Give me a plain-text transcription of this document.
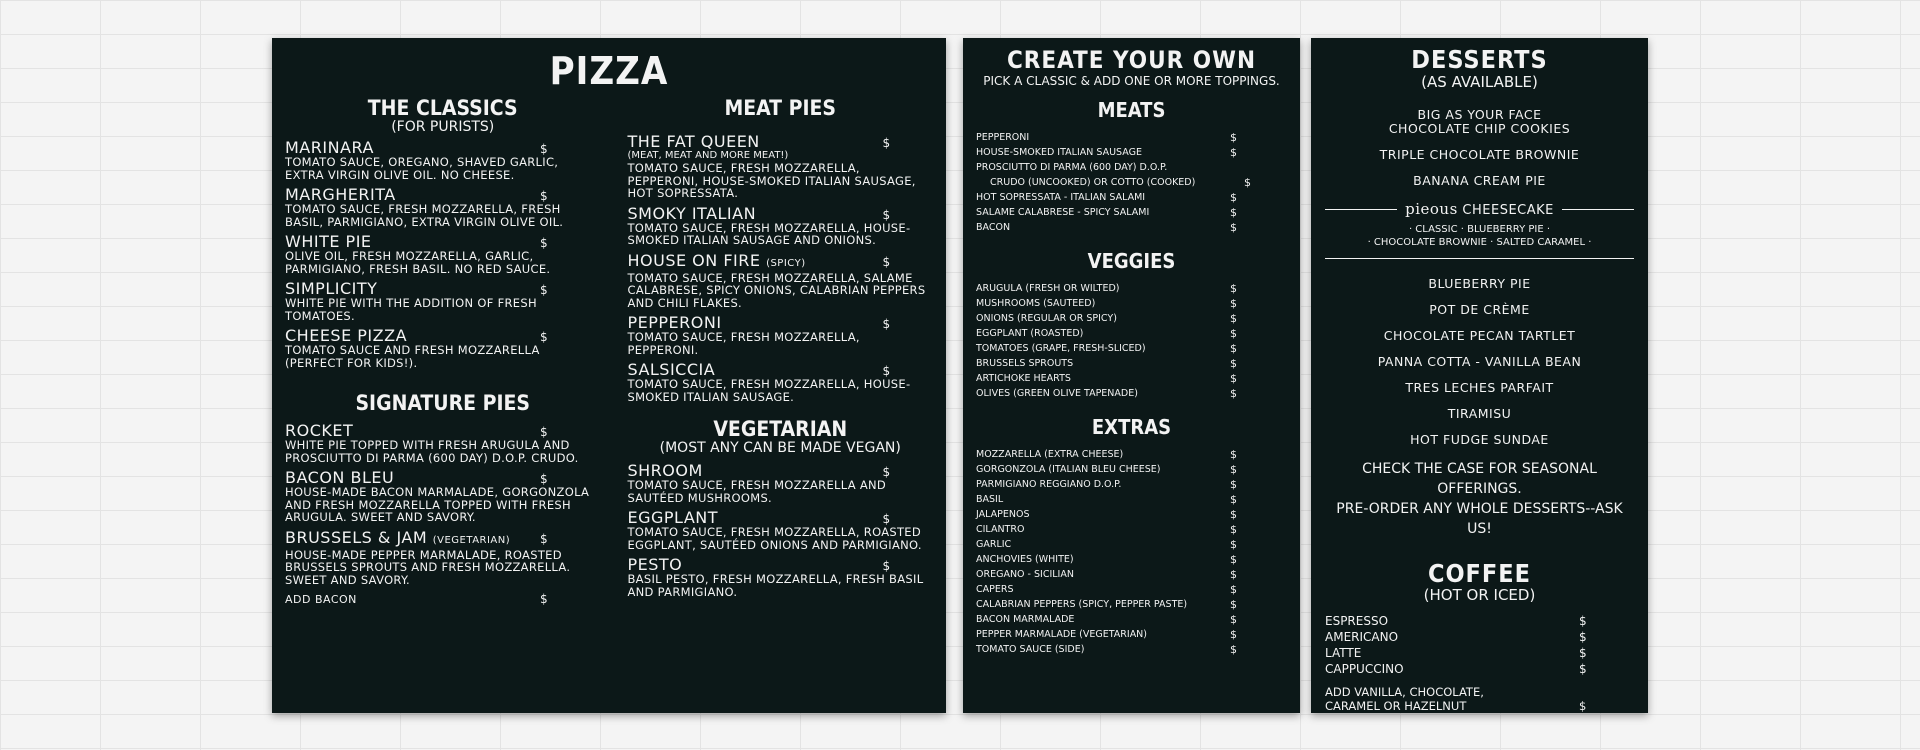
PIZZA
THE CLASSICS
(FOR PURISTS)
MARINARA	$
TOMATO SAUCE, OREGANO, SHAVED GARLIC, EXTRA VIRGIN OLIVE OIL. NO CHEESE.
MARGHERITA	$
TOMATO SAUCE, FRESH MOZZARELLA, FRESH BASIL, PARMIGIANO, EXTRA VIRGIN OLIVE OIL.
WHITE PIE	$
OLIVE OIL, FRESH MOZZARELLA, GARLIC, PARMIGIANO, FRESH BASIL. NO RED SAUCE.
SIMPLICITY	$
WHITE PIE WITH THE ADDITION OF FRESH TOMATOES.
CHEESE PIZZA	$
TOMATO SAUCE AND FRESH MOZZARELLA (PERFECT FOR KIDS!).
SIGNATURE PIES
ROCKET	$
WHITE PIE TOPPED WITH FRESH ARUGULA AND PROSCIUTTO DI PARMA (600 DAY) D.O.P. CRUDO.
BACON BLEU	$
HOUSE-MADE BACON MARMALADE, GORGONZOLA AND FRESH MOZZARELLA TOPPED WITH FRESH ARUGULA. SWEET AND SAVORY.
BRUSSELS & JAM (VEGETARIAN)	$
HOUSE-MADE PEPPER MARMALADE, ROASTED BRUSSELS SPROUTS AND FRESH MOZZARELLA. SWEET AND SAVORY.
ADD BACON	$
MEAT PIES
THE FAT QUEEN	$
(MEAT, MEAT AND MORE MEAT!)
TOMATO SAUCE, FRESH MOZZARELLA, PEPPERONI, HOUSE-SMOKED ITALIAN SAUSAGE, HOT SOPRESSATA.
SMOKY ITALIAN	$
TOMATO SAUCE, FRESH MOZZARELLA, HOUSE-SMOKED ITALIAN SAUSAGE AND ONIONS.
HOUSE ON FIRE (SPICY)	$
TOMATO SAUCE, FRESH MOZZARELLA, SALAME CALABRESE, SPICY ONIONS, CALABRIAN PEPPERS AND CHILI FLAKES.
PEPPERONI	$
TOMATO SAUCE, FRESH MOZZARELLA, PEPPERONI.
SALSICCIA	$
TOMATO SAUCE, FRESH MOZZARELLA, HOUSE-SMOKED ITALIAN SAUSAGE.
VEGETARIAN
(MOST ANY CAN BE MADE VEGAN)
SHROOM	$
TOMATO SAUCE, FRESH MOZZARELLA AND SAUTÉED MUSHROOMS.
EGGPLANT	$
TOMATO SAUCE, FRESH MOZZARELLA, ROASTED EGGPLANT, SAUTÉED ONIONS AND PARMIGIANO.
PESTO	$
BASIL PESTO, FRESH MOZZARELLA, FRESH BASIL AND PARMIGIANO.
CREATE YOUR OWN
PICK A CLASSIC & ADD ONE OR MORE TOPPINGS.
MEATS
PEPPERONI	$
HOUSE-SMOKED ITALIAN SAUSAGE	$
PROSCIUTTO DI PARMA (600 DAY) D.O.P.
CRUDO (UNCOOKED) OR COTTO (COOKED)	$
HOT SOPRESSATA - ITALIAN SALAMI	$
SALAME CALABRESE - SPICY SALAMI	$
BACON	$
VEGGIES
ARUGULA (FRESH OR WILTED)	$
MUSHROOMS (SAUTEED)	$
ONIONS (REGULAR OR SPICY)	$
EGGPLANT (ROASTED)	$
TOMATOES (GRAPE, FRESH-SLICED)	$
BRUSSELS SPROUTS	$
ARTICHOKE HEARTS	$
OLIVES (GREEN OLIVE TAPENADE)	$
EXTRAS
MOZZARELLA (EXTRA CHEESE)	$
GORGONZOLA (ITALIAN BLEU CHEESE)	$
PARMIGIANO REGGIANO D.O.P.	$
BASIL	$
JALAPENOS	$
CILANTRO	$
GARLIC	$
ANCHOVIES (WHITE)	$
OREGANO - SICILIAN	$
CAPERS	$
CALABRIAN PEPPERS (SPICY, PEPPER PASTE)	$
BACON MARMALADE	$
PEPPER MARMALADE (VEGETARIAN)	$
TOMATO SAUCE (SIDE)	$
DESSERTS
(AS AVAILABLE)
BIG AS YOUR FACE
CHOCOLATE CHIP COOKIES
TRIPLE CHOCOLATE BROWNIE
BANANA CREAM PIE
pieous CHEESECAKE
· CLASSIC · BLUEBERRY PIE ·
· CHOCOLATE BROWNIE · SALTED CARAMEL ·
BLUEBERRY PIE
POT DE CRÈME
CHOCOLATE PECAN TARTLET
PANNA COTTA - VANILLA BEAN
TRES LECHES PARFAIT
TIRAMISU
HOT FUDGE SUNDAE
CHECK THE CASE FOR SEASONAL OFFERINGS.
PRE-ORDER ANY WHOLE DESSERTS--ASK US!
COFFEE
(HOT OR ICED)
ESPRESSO	$
AMERICANO	$
LATTE	$
CAPPUCCINO	$
ADD VANILLA, CHOCOLATE,
CARAMEL OR HAZELNUT	$
